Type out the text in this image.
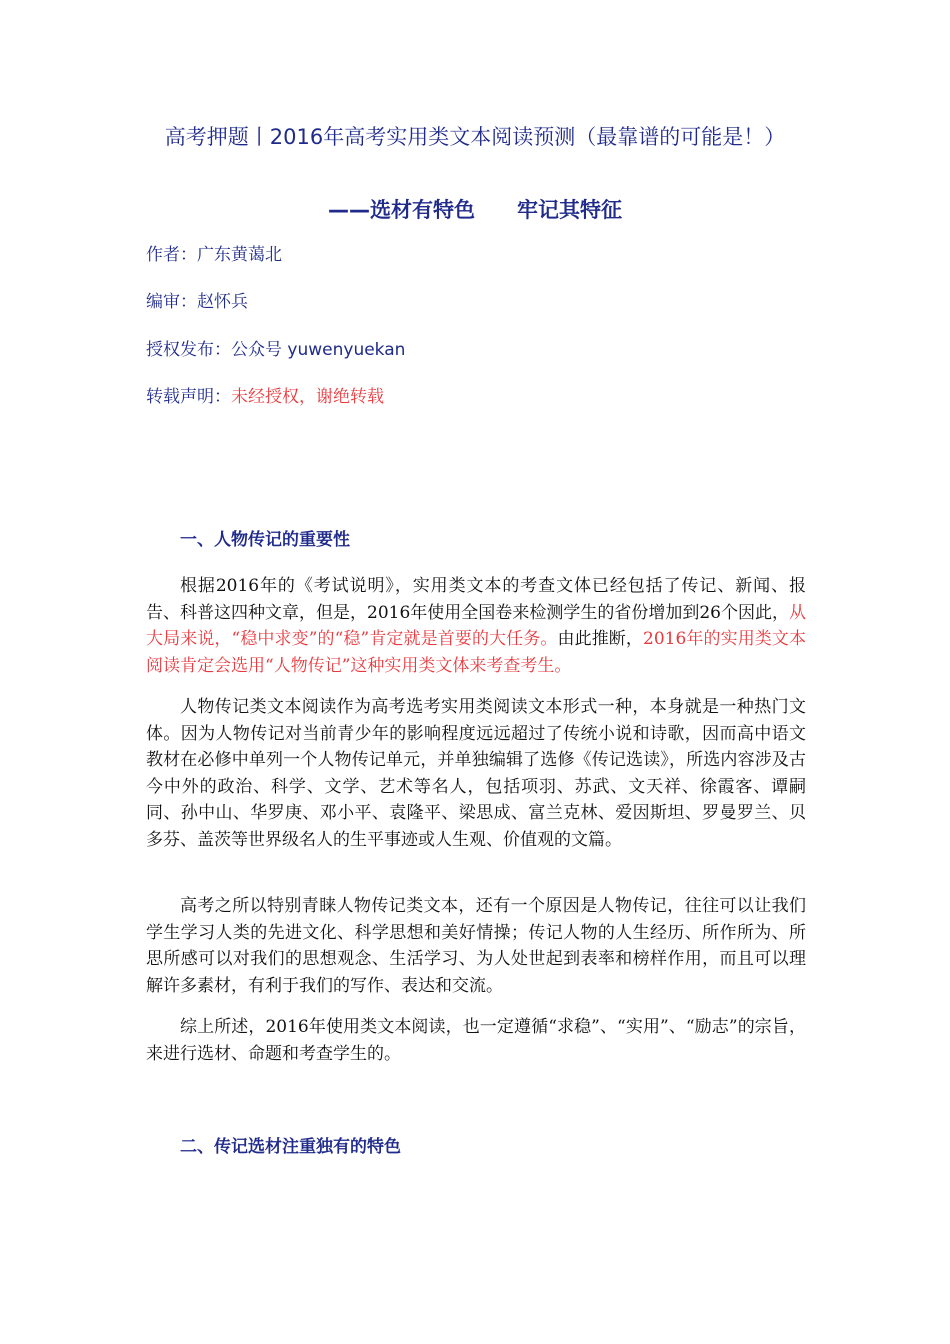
高考押题丨2016年高考实用类文本阅读预测（最靠谱的可能是！）
——选材有特色　　牢记其特征
作者：广东黄蔼北
编审：赵怀兵
授权发布：公众号 yuwenyuekan
转载声明：未经授权，谢绝转载
一、人物传记的重要性
根据2016年的《考试说明》，实用类文本的考查文体已经包括了传记、新闻、报告、科普这四种文章，但是，2016年使用全国卷来检测学生的省份增加到26个因此，从大局来说，“稳中求变”的“稳”肯定就是首要的大任务。由此推断，2016年的实用类文本阅读肯定会选用“人物传记”这种实用类文体来考查考生。
人物传记类文本阅读作为高考选考实用类阅读文本形式一种，本身就是一种热门文体。因为人物传记对当前青少年的影响程度远远超过了传统小说和诗歌，因而高中语文教材在必修中单列一个人物传记单元，并单独编辑了选修《传记选读》，所选内容涉及古今中外的政治、科学、文学、艺术等名人，包括项羽、苏武、文天祥、徐霞客、谭嗣同、孙中山、华罗庚、邓小平、袁隆平、梁思成、富兰克林、爱因斯坦、罗曼罗兰、贝多芬、盖茨等世界级名人的生平事迹或人生观、价值观的文篇。
高考之所以特别青睐人物传记类文本，还有一个原因是人物传记，往往可以让我们学生学习人类的先进文化、科学思想和美好情操；传记人物的人生经历、所作所为、所思所感可以对我们的思想观念、生活学习、为人处世起到表率和榜样作用，而且可以理解许多素材，有利于我们的写作、表达和交流。
综上所述，2016年使用类文本阅读，也一定遵循“求稳”、“实用”、“励志”的宗旨，来进行选材、命题和考查学生的。
二、传记选材注重独有的特色
